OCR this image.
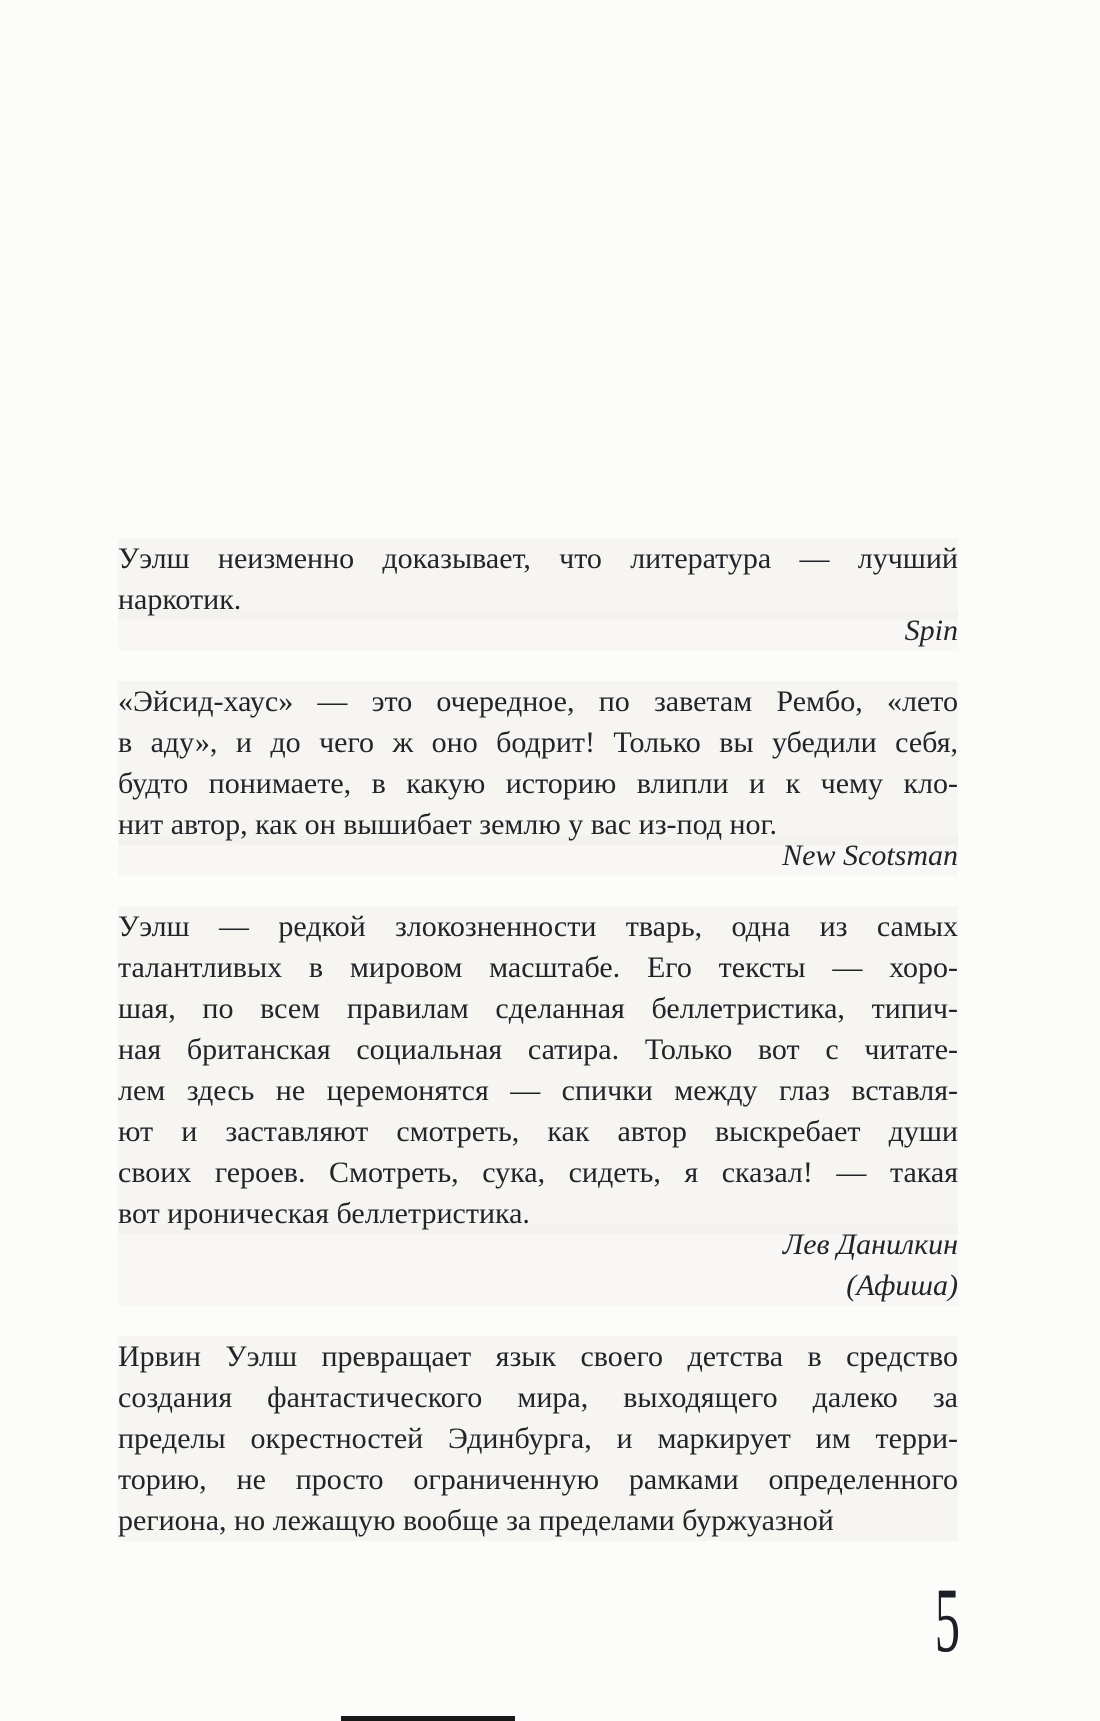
Уэлш неизменно доказывает, что литература — лучший
наркотик.
Spin
«Эйсид-хаус» — это очередное, по заветам Рембо, «лето
в аду», и до чего ж оно бодрит! Только вы убедили себя,
будто понимаете, в какую историю влипли и к чему кло-
нит автор, как он вышибает землю у вас из-под ног.
New Scotsman
Уэлш — редкой злокозненности тварь, одна из самых
талантливых в мировом масштабе. Его тексты — хоро-
шая, по всем правилам сделанная беллетристика, типич-
ная британская социальная сатира. Только вот с читате-
лем здесь не церемонятся — спички между глаз вставля-
ют и заставляют смотреть, как автор выскребает души
своих героев. Смотреть, сука, сидеть, я сказал! — такая
вот ироническая беллетристика.
Лев Данилкин
(Афиша)
Ирвин Уэлш превращает язык своего детства в средство
создания фантастического мира, выходящего далеко за
пределы окрестностей Эдинбурга, и маркирует им терри-
торию, не просто ограниченную рамками определенного
региона, но лежащую вообще за пределами буржуазной
5
